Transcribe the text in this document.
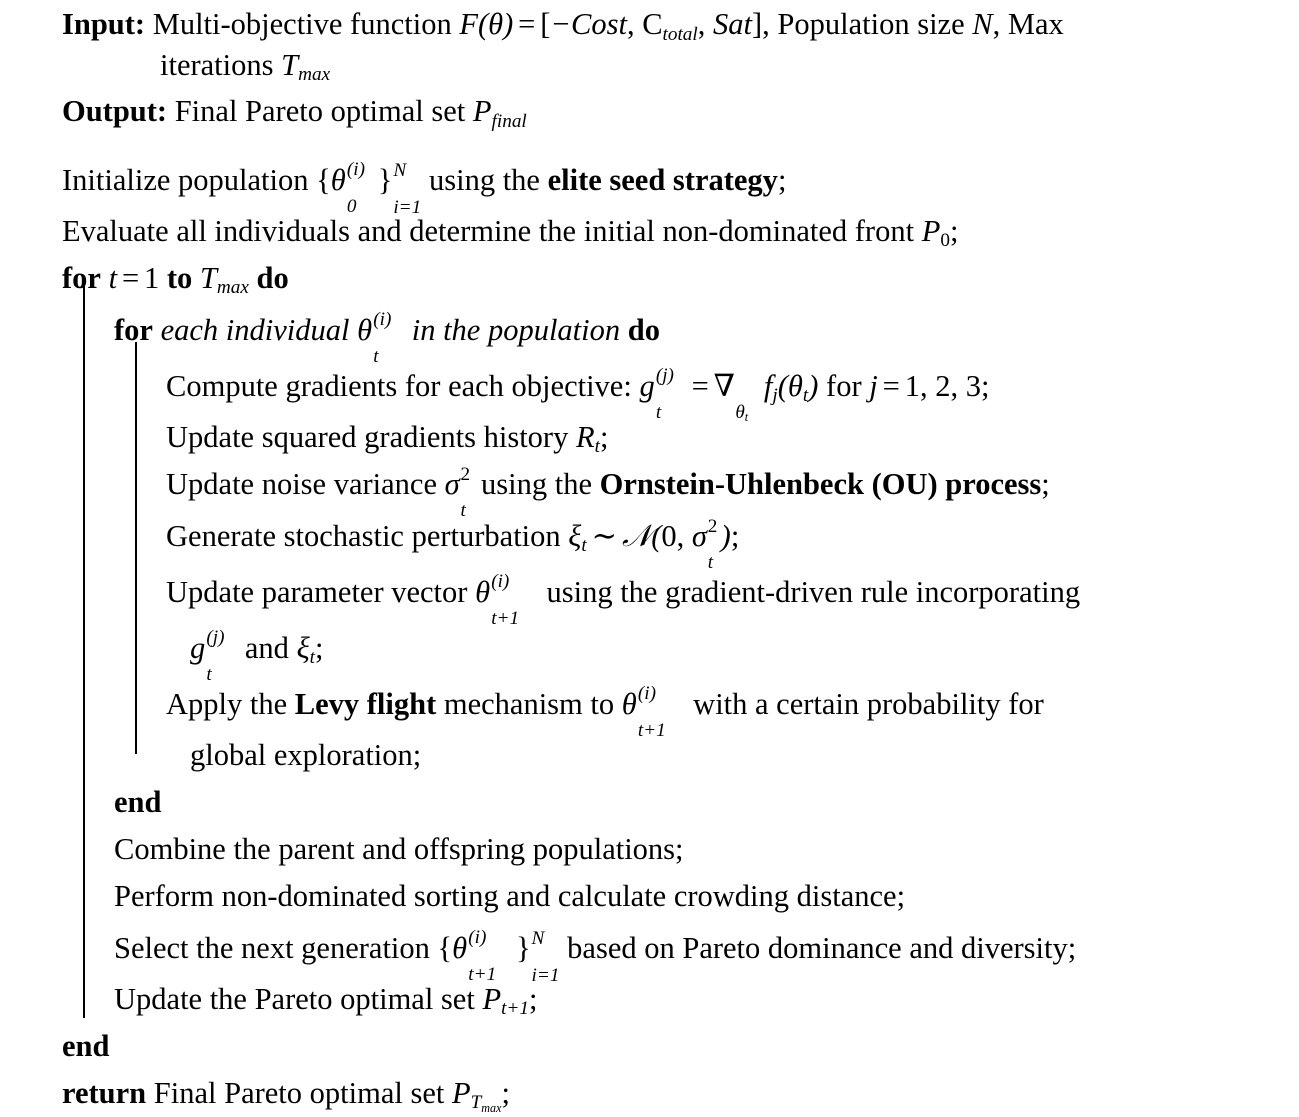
Input: Multi-objective function F(θ) = [−Cost, $C_{total}$, Sat], Population size N, Max
iterations $T_{max}$
Output: Final Pareto optimal set $P_{final}$
Initialize population {θ (i)
0
} N
i=1
using the elite seed strategy;
Evaluate all individuals and determine the initial non-dominated front $P_0$;
for t = 1 to $T_{max}$ do
for each individual θ (i)
t
in the population do
Compute gradients for each objective: g (j)
t
= ∇
$\theta_t$
$f_j(\theta_t)$ for j = 1, 2, 3;
Update squared gradients history $R_t$;
Update noise variance σ 2
t
using the Ornstein-Uhlenbeck (OU) process;
Generate stochastic perturbation $\xi_t$ ∼ 𝒩(0, σ 2
t
);
Update parameter vector θ (i)
t+1
using the gradient-driven rule incorporating
g (j)
t
and $\xi_t$;
Apply the Levy flight mechanism to θ (i)
t+1
with a certain probability for
global exploration;
end
Combine the parent and offspring populations;
Perform non-dominated sorting and calculate crowding distance;
Select the next generation {θ (i)
t+1
} N
i=1
based on Pareto dominance and diversity;
Update the Pareto optimal set $P_{t+1}$;
end
return Final Pareto optimal set $P_{T_{max}}$;
